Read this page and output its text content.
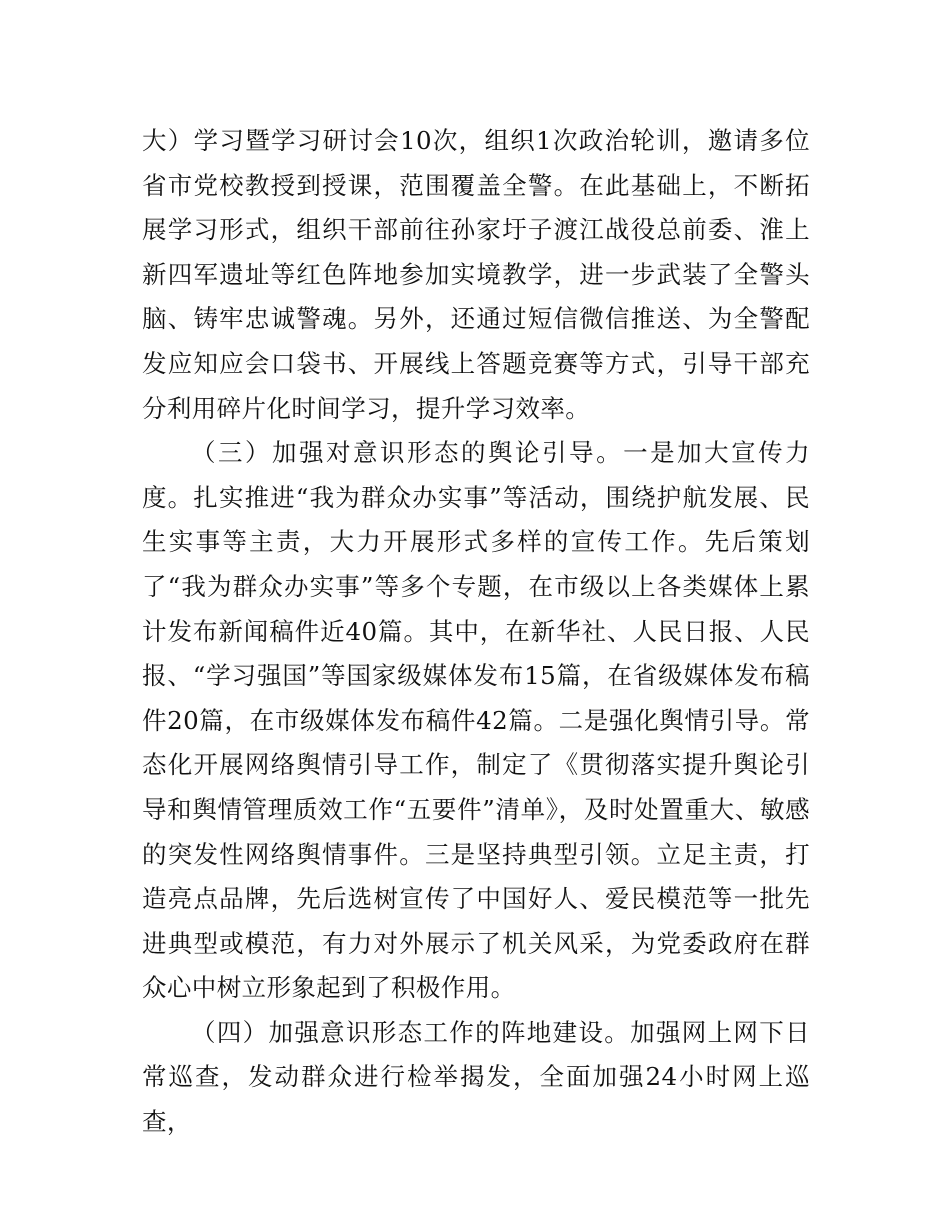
大）学习暨学习研讨会10次，组织1次政治轮训，邀请多位省市党校教授到授课，范围覆盖全警。在此基础上，不断拓展学习形式，组织干部前往孙家圩子渡江战役总前委、淮上新四军遗址等红色阵地参加实境教学，进一步武装了全警头脑、铸牢忠诚警魂。另外，还通过短信微信推送、为全警配发应知应会口袋书、开展线上答题竞赛等方式，引导干部充分利用碎片化时间学习，提升学习效率。

（三）加强对意识形态的舆论引导。一是加大宣传力度。扎实推进“我为群众办实事”等活动，围绕护航发展、民生实事等主责，大力开展形式多样的宣传工作。先后策划了“我为群众办实事”等多个专题，在市级以上各类媒体上累计发布新闻稿件近40篇。其中，在新华社、人民日报、人民报、“学习强国”等国家级媒体发布15篇，在省级媒体发布稿件20篇，在市级媒体发布稿件42篇。二是强化舆情引导。常态化开展网络舆情引导工作，制定了《贯彻落实提升舆论引导和舆情管理质效工作“五要件”清单》，及时处置重大、敏感的突发性网络舆情事件。三是坚持典型引领。立足主责，打造亮点品牌，先后选树宣传了中国好人、爱民模范等一批先进典型或模范，有力对外展示了机关风采，为党委政府在群众心中树立形象起到了积极作用。

（四）加强意识形态工作的阵地建设。加强网上网下日常巡查，发动群众进行检举揭发，全面加强24小时网上巡查，
